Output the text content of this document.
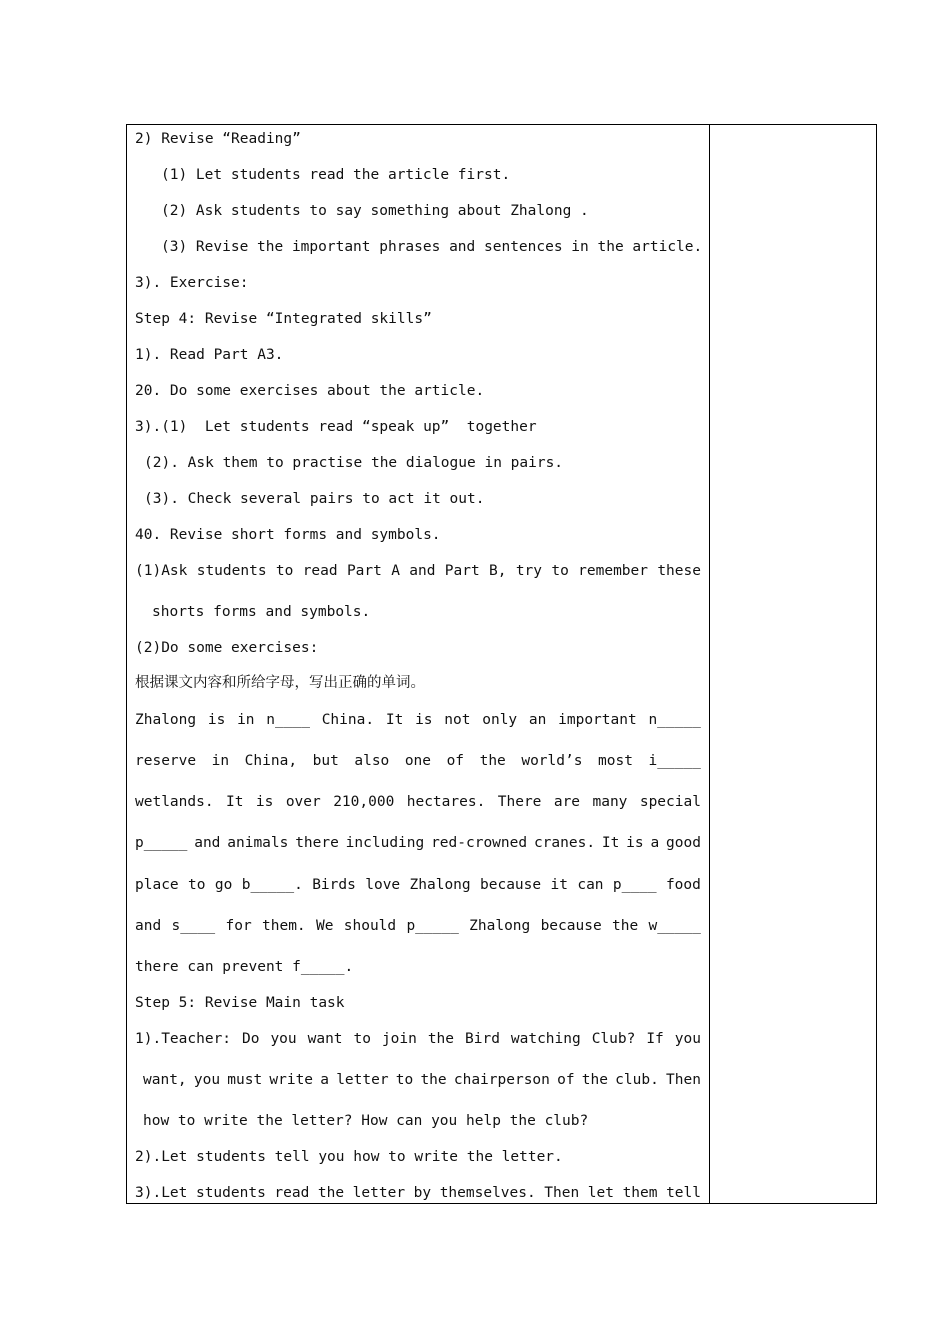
2) Revise “Reading”
(1) Let students read the article first.
(2) Ask students to say something about Zhalong .
(3) Revise the important phrases and sentences in the article.
3). Exercise:
Step 4: Revise “Integrated skills”
1). Read Part A3.
20. Do some exercises about the article.
3).(1)  Let students read “speak up”  together
(2). Ask them to practise the dialogue in pairs.
(3). Check several pairs to act it out.
40. Revise short forms and symbols.
(1)Ask students to read Part A and Part B, try to remember these
shorts forms and symbols.
(2)Do some exercises:
根据课文内容和所给字母，写出正确的单词。
Zhalong is in n____ China. It is not only an important n_____
reserve in China, but also one of the world’s most i_____
wetlands. It is over 210,000 hectares. There are many special
p_____ and animals there including red-crowned cranes. It is a good
place to go b_____. Birds love Zhalong because it can p____ food
and s____ for them. We should p_____ Zhalong because the w_____
there can prevent f_____.
Step 5: Revise Main task
1).Teacher: Do you want to join the Bird watching Club? If you
want, you must write a letter to the chairperson of the club. Then
how to write the letter? How can you help the club?
2).Let students tell you how to write the letter.
3).Let students read the letter by themselves. Then let them tell
